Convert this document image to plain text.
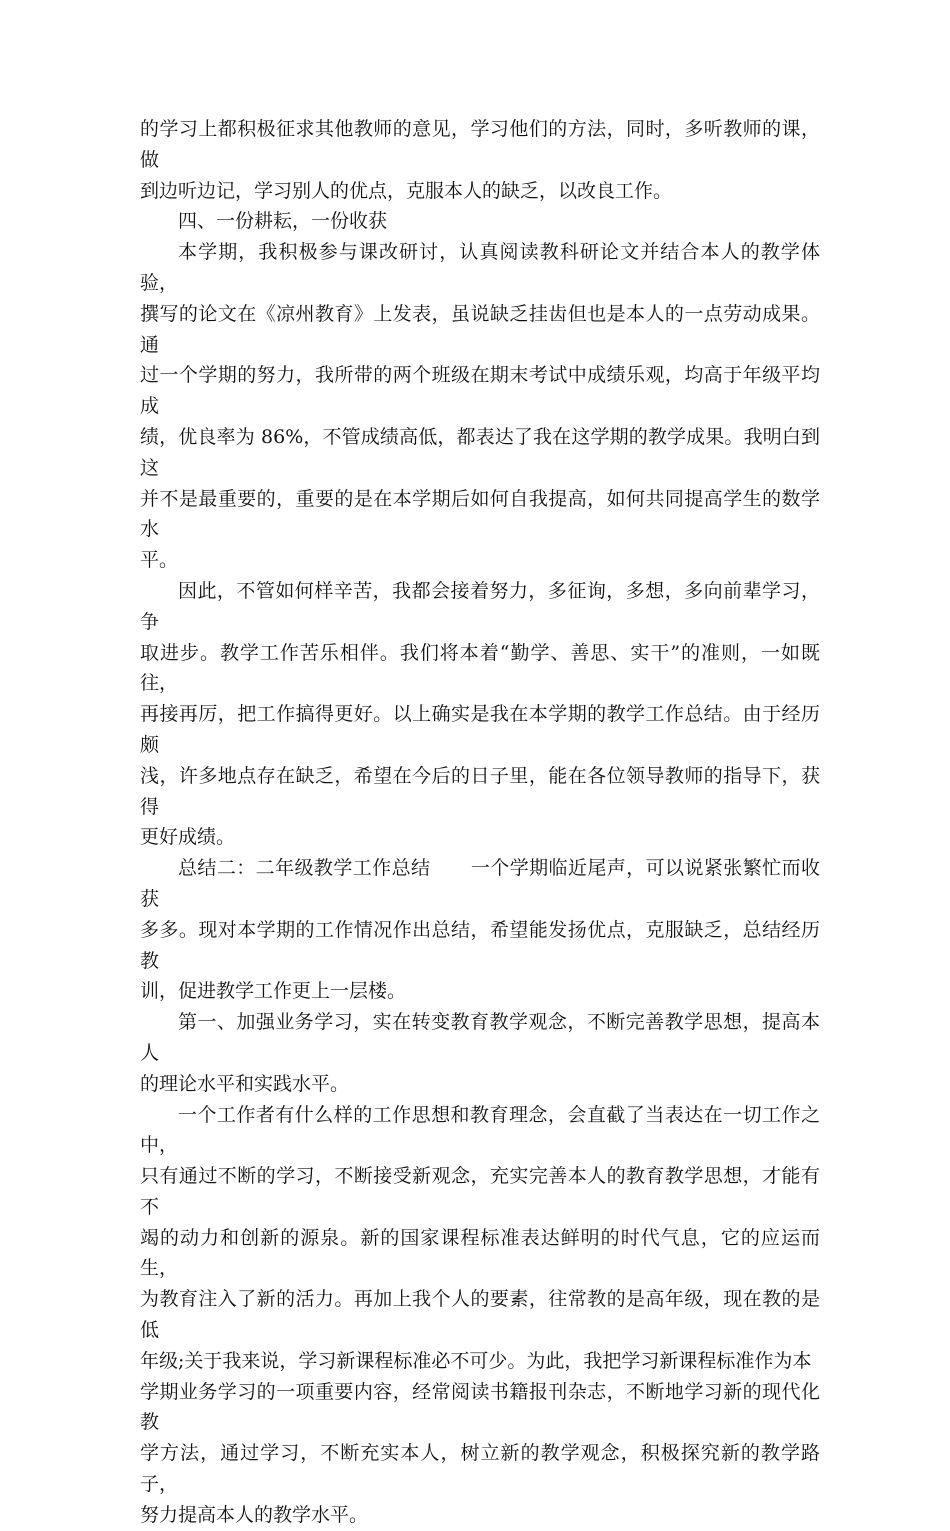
的学习上都积极征求其他教师的意见，学习他们的方法，同时，多听教师的课，做

到边听边记，学习别人的优点，克服本人的缺乏，以改良工作。

四、一份耕耘，一份收获

本学期，我积极参与课改研讨，认真阅读教科研论文并结合本人的教学体验，

撰写的论文在《凉州教育》上发表，虽说缺乏挂齿但也是本人的一点劳动成果。通

过一个学期的努力，我所带的两个班级在期末考试中成绩乐观，均高于年级平均成

绩，优良率为 86%，不管成绩高低，都表达了我在这学期的教学成果。我明白到这

并不是最重要的，重要的是在本学期后如何自我提高，如何共同提高学生的数学水

平。

因此，不管如何样辛苦，我都会接着努力，多征询，多想，多向前辈学习，争

取进步。教学工作苦乐相伴。我们将本着“勤学、善思、实干”的准则，一如既往，

再接再厉，把工作搞得更好。以上确实是我在本学期的教学工作总结。由于经历颇

浅，许多地点存在缺乏，希望在今后的日子里，能在各位领导教师的指导下，获得

更好成绩。

总结二：二年级教学工作总结 一个学期临近尾声，可以说紧张繁忙而收获

多多。现对本学期的工作情况作出总结，希望能发扬优点，克服缺乏，总结经历教

训，促进教学工作更上一层楼。

第一、加强业务学习，实在转变教育教学观念，不断完善教学思想，提高本人

的理论水平和实践水平。

一个工作者有什么样的工作思想和教育理念，会直截了当表达在一切工作之中，

只有通过不断的学习，不断接受新观念，充实完善本人的教育教学思想，才能有不

竭的动力和创新的源泉。新的国家课程标准表达鲜明的时代气息，它的应运而生，

为教育注入了新的活力。再加上我个人的要素，往常教的是高年级，现在教的是低

年级;关于我来说，学习新课程标准必不可少。为此，我把学习新课程标准作为本

学期业务学习的一项重要内容，经常阅读书籍报刊杂志，不断地学习新的现代化教

学方法，通过学习，不断充实本人，树立新的教学观念，积极探究新的教学路子，

努力提高本人的教学水平。
